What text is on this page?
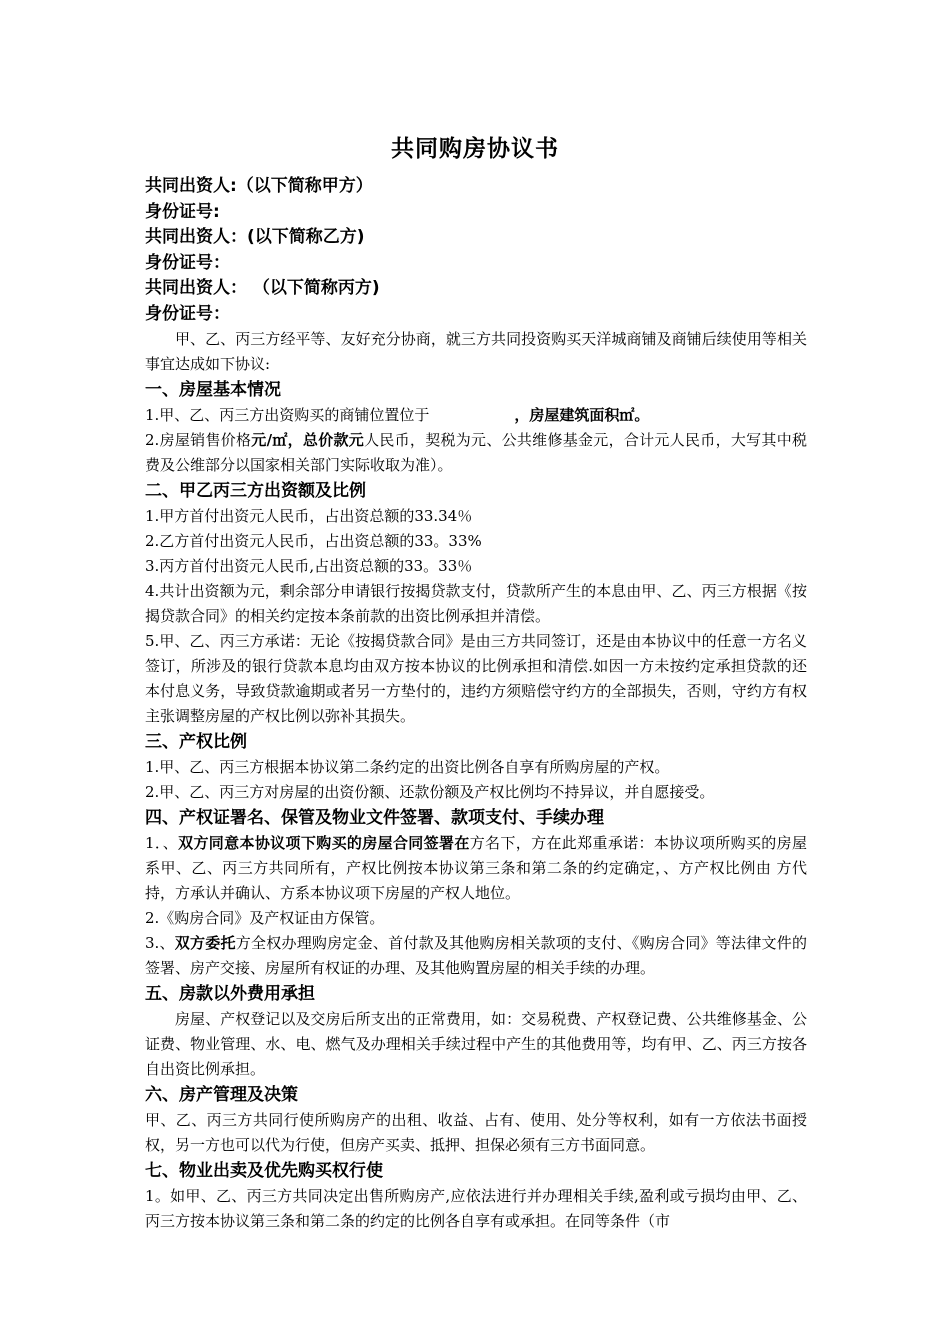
共同购房协议书
共同出资人:（以下简称甲方）
身份证号:
共同出资人：(以下简称乙方)
身份证号：
共同出资人： （以下简称丙方)
身份证号：

甲、乙、丙三方经平等、友好充分协商，就三方共同投资购买天洋城商铺及商铺后续使用等相关事宜达成如下协议:

一、房屋基本情况

1.甲、乙、丙三方出资购买的商铺位置位于	，房屋建筑面积㎡。

2.房屋销售价格元/㎡，总价款元人民币，契税为元、公共维修基金元，合计元人民币，大写其中税费及公维部分以国家相关部门实际收取为准）。

二、甲乙丙三方出资额及比例

1.甲方首付出资元人民币，占出资总额的33.34％

2.乙方首付出资元人民币，占出资总额的33。33%

3.丙方首付出资元人民币,占出资总额的33。33％

4.共计出资额为元，剩余部分申请银行按揭贷款支付，贷款所产生的本息由甲、乙、丙三方根据《按揭贷款合同》的相关约定按本条前款的出资比例承担并清偿。

5.甲、乙、丙三方承诺：无论《按揭贷款合同》是由三方共同签订，还是由本协议中的任意一方名义签订，所涉及的银行贷款本息均由双方按本协议的比例承担和清偿.如因一方未按约定承担贷款的还本付息义务，导致贷款逾期或者另一方垫付的，违约方须赔偿守约方的全部损失，否则，守约方有权主张调整房屋的产权比例以弥补其损失。

三、产权比例

1.甲、乙、丙三方根据本协议第二条约定的出资比例各自享有所购房屋的产权。

2.甲、乙、丙三方对房屋的出资份额、还款份额及产权比例均不持异议，并自愿接受。

四、产权证署名、保管及物业文件签署、款项支付、手续办理

1．、双方同意本协议项下购买的房屋合同签署在方名下，方在此郑重承诺：本协议项所购买的房屋系甲、乙、丙三方共同所有，产权比例按本协议第三条和第二条的约定确定，、方产权比例由 方代持，方承认并确认、方系本协议项下房屋的产权人地位。

2.《购房合同》及产权证由方保管。

3.、双方委托方全权办理购房定金、首付款及其他购房相关款项的支付、《购房合同》等法律文件的签署、房产交接、房屋所有权证的办理、及其他购置房屋的相关手续的办理。

五、房款以外费用承担

房屋、产权登记以及交房后所支出的正常费用，如：交易税费、产权登记费、公共维修基金、公证费、物业管理、水、电、燃气及办理相关手续过程中产生的其他费用等，均有甲、乙、丙三方按各自出资比例承担。

六、房产管理及决策

甲、乙、丙三方共同行使所购房产的出租、收益、占有、使用、处分等权利，如有一方依法书面授权，另一方也可以代为行使，但房产买卖、抵押、担保必须有三方书面同意。

七、物业出卖及优先购买权行使

1。如甲、乙、丙三方共同决定出售所购房产,应依法进行并办理相关手续,盈利或亏损均由甲、乙、丙三方按本协议第三条和第二条的约定的比例各自享有或承担。在同等条件（市
